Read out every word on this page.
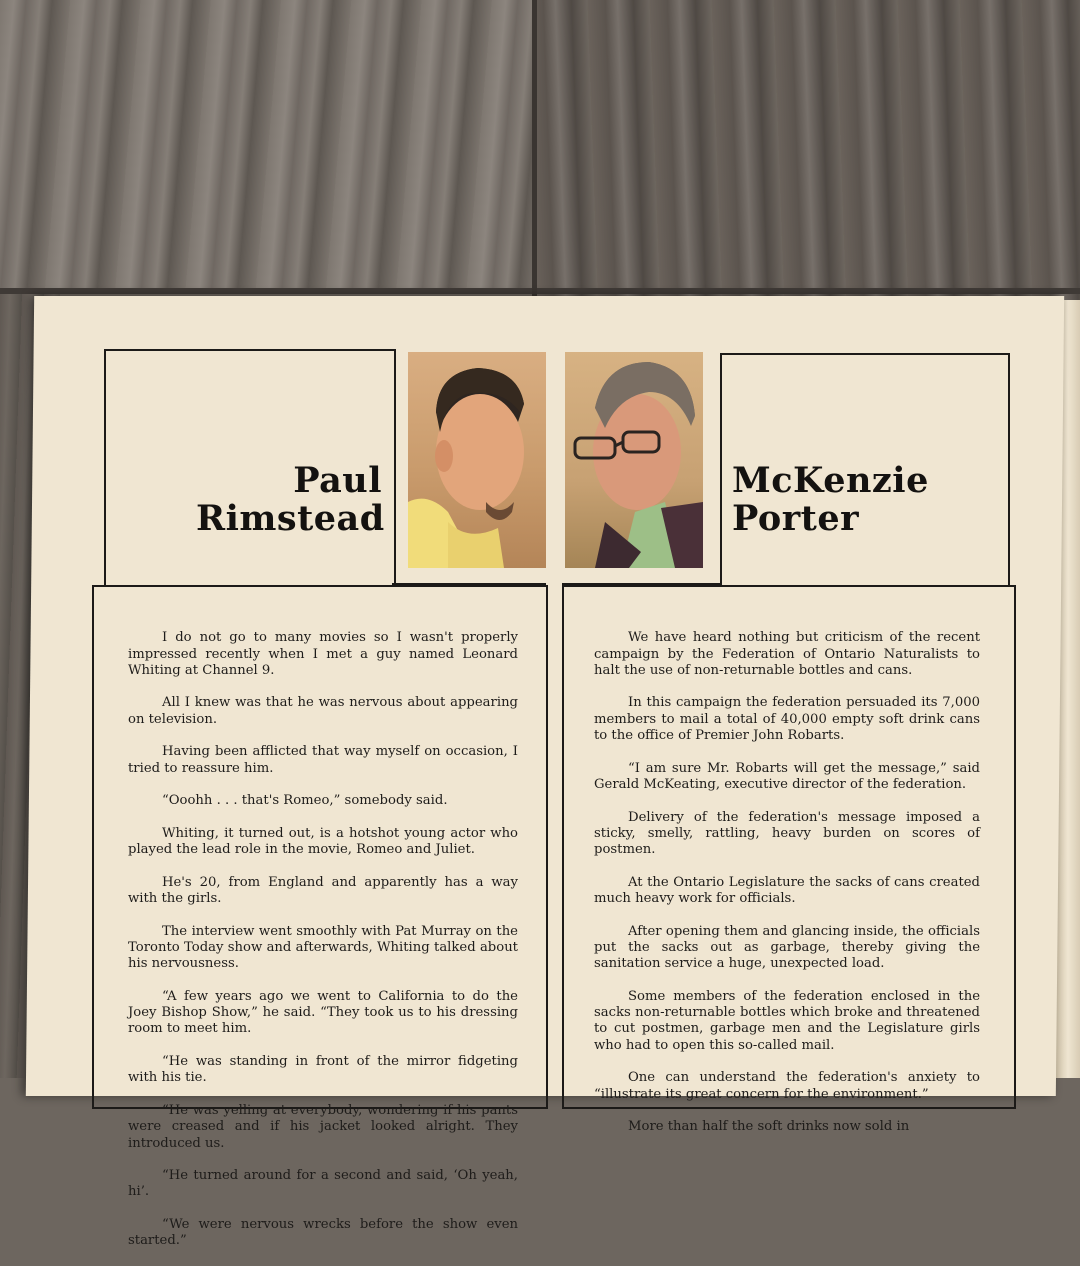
Paul
Rimstead
McKenzie
Porter

I do not go to many movies so I wasn't properly impressed recently when I met a guy named Leonard Whiting at Channel 9.

All I knew was that he was nervous about appearing on television.

Having been afflicted that way myself on occasion, I tried to reassure him.

“Ooohh . . . that's Romeo,” somebody said.

Whiting, it turned out, is a hotshot young actor who played the lead role in the movie, Romeo and Juliet.

He's 20, from England and apparently has a way with the girls.

The interview went smoothly with Pat Murray on the Toronto Today show and afterwards, Whiting talked about his nervousness.

“A few years ago we went to California to do the Joey Bishop Show,” he said. “They took us to his dressing room to meet him.

“He was standing in front of the mirror fidgeting with his tie.

“He was yelling at everybody, wondering if his pants were creased and if his jacket looked alright. They introduced us.

“He turned around for a second and said, ‘Oh yeah, hi’.

“We were nervous wrecks before the show even started.”

We have heard nothing but criticism of the recent campaign by the Federation of Ontario Naturalists to halt the use of non-returnable bottles and cans.

In this campaign the federation persuaded its 7,000 members to mail a total of 40,000 empty soft drink cans to the office of Premier John Robarts.

“I am sure Mr. Robarts will get the message,” said Gerald McKeating, executive director of the federation.

Delivery of the federation's message imposed a sticky, smelly, rattling, heavy burden on scores of postmen.

At the Ontario Legislature the sacks of cans created much heavy work for officials.

After opening them and glancing inside, the officials put the sacks out as garbage, thereby giving the sanitation service a huge, unexpected load.

Some members of the federation enclosed in the sacks non-returnable bottles which broke and threatened to cut postmen, garbage men and the Legislature girls who had to open this so-called mail.

One can understand the federation's anxiety to “illustrate its great concern for the environment.”

More than half the soft drinks now sold in
